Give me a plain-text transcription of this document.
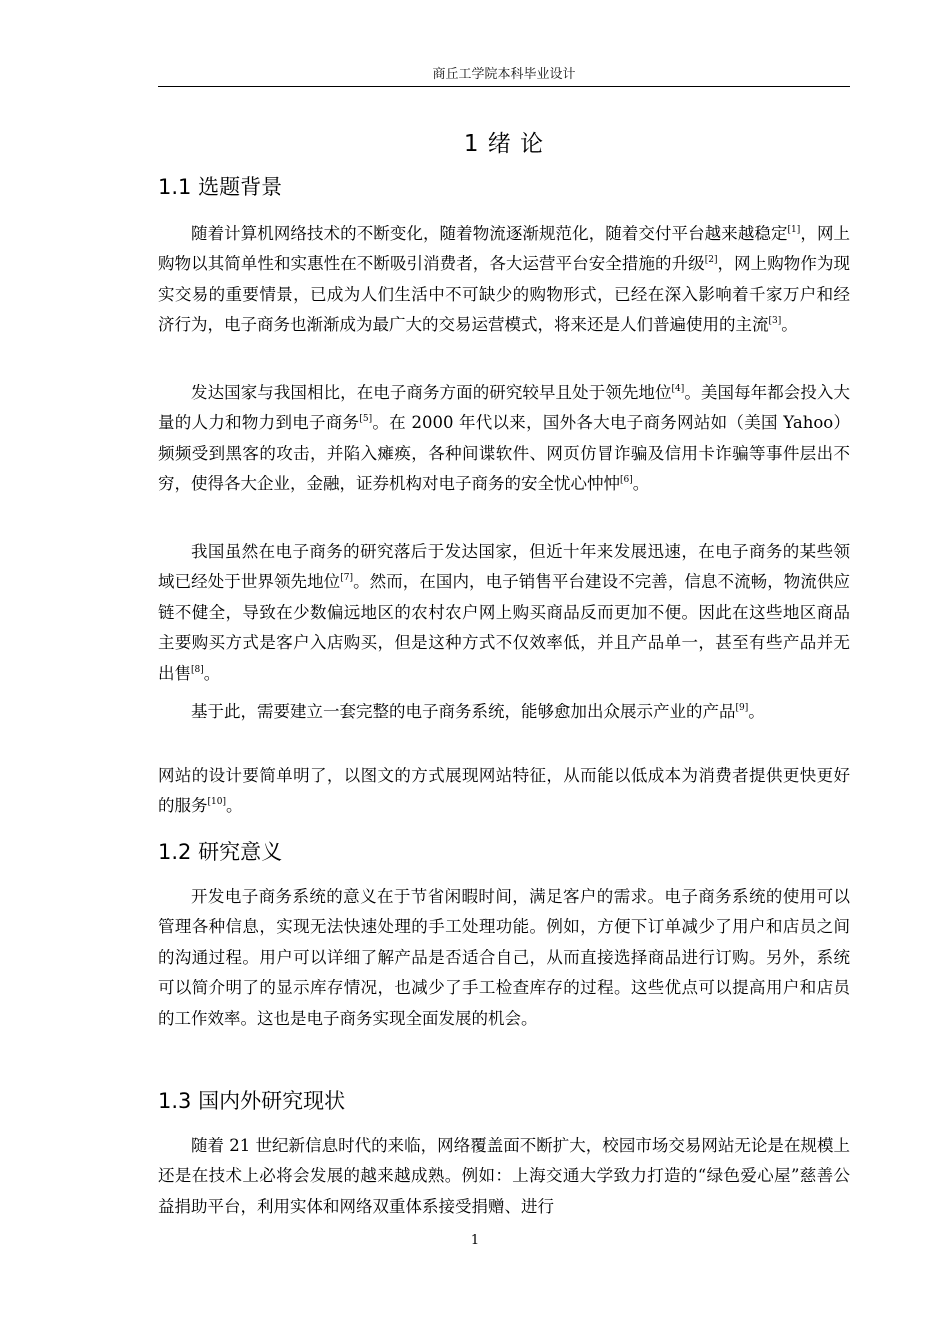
商丘工学院本科毕业设计
1 绪 论
1.1 选题背景

随着计算机网络技术的不断变化，随着物流逐渐规范化，随着交付平台越来越稳定[1]，网上购物以其简单性和实惠性在不断吸引消费者，各大运营平台安全措施的升级[2]，网上购物作为现实交易的重要情景，已成为人们生活中不可缺少的购物形式，已经在深入影响着千家万户和经济行为，电子商务也渐渐成为最广大的交易运营模式，将来还是人们普遍使用的主流[3]。

发达国家与我国相比，在电子商务方面的研究较早且处于领先地位[4]。美国每年都会投入大量的人力和物力到电子商务[5]。在 2000 年代以来，国外各大电子商务网站如（美国 Yahoo）频频受到黑客的攻击，并陷入瘫痪，各种间谍软件、网页仿冒诈骗及信用卡诈骗等事件层出不穷，使得各大企业，金融，证券机构对电子商务的安全忧心忡忡[6]。

我国虽然在电子商务的研究落后于发达国家，但近十年来发展迅速，在电子商务的某些领域已经处于世界领先地位[7]。然而，在国内，电子销售平台建设不完善，信息不流畅，物流供应链不健全，导致在少数偏远地区的农村农户网上购买商品反而更加不便。因此在这些地区商品主要购买方式是客户入店购买，但是这种方式不仅效率低，并且产品单一，甚至有些产品并无出售[8]。

基于此，需要建立一套完整的电子商务系统，能够愈加出众展示产业的产品[9]。

网站的设计要简单明了，以图文的方式展现网站特征，从而能以低成本为消费者提供更快更好的服务[10]。

1.2 研究意义

开发电子商务系统的意义在于节省闲暇时间，满足客户的需求。电子商务系统的使用可以管理各种信息，实现无法快速处理的手工处理功能。例如，方便下订单减少了用户和店员之间的沟通过程。用户可以详细了解产品是否适合自己，从而直接选择商品进行订购。另外，系统可以简介明了的显示库存情况，也减少了手工检查库存的过程。这些优点可以提高用户和店员的工作效率。这也是电子商务实现全面发展的机会。

1.3 国内外研究现状

随着 21 世纪新信息时代的来临，网络覆盖面不断扩大，校园市场交易网站无论是在规模上还是在技术上必将会发展的越来越成熟。例如：上海交通大学致力打造的“绿色爱心屋”慈善公益捐助平台，利用实体和网络双重体系接受捐赠、进行

1
